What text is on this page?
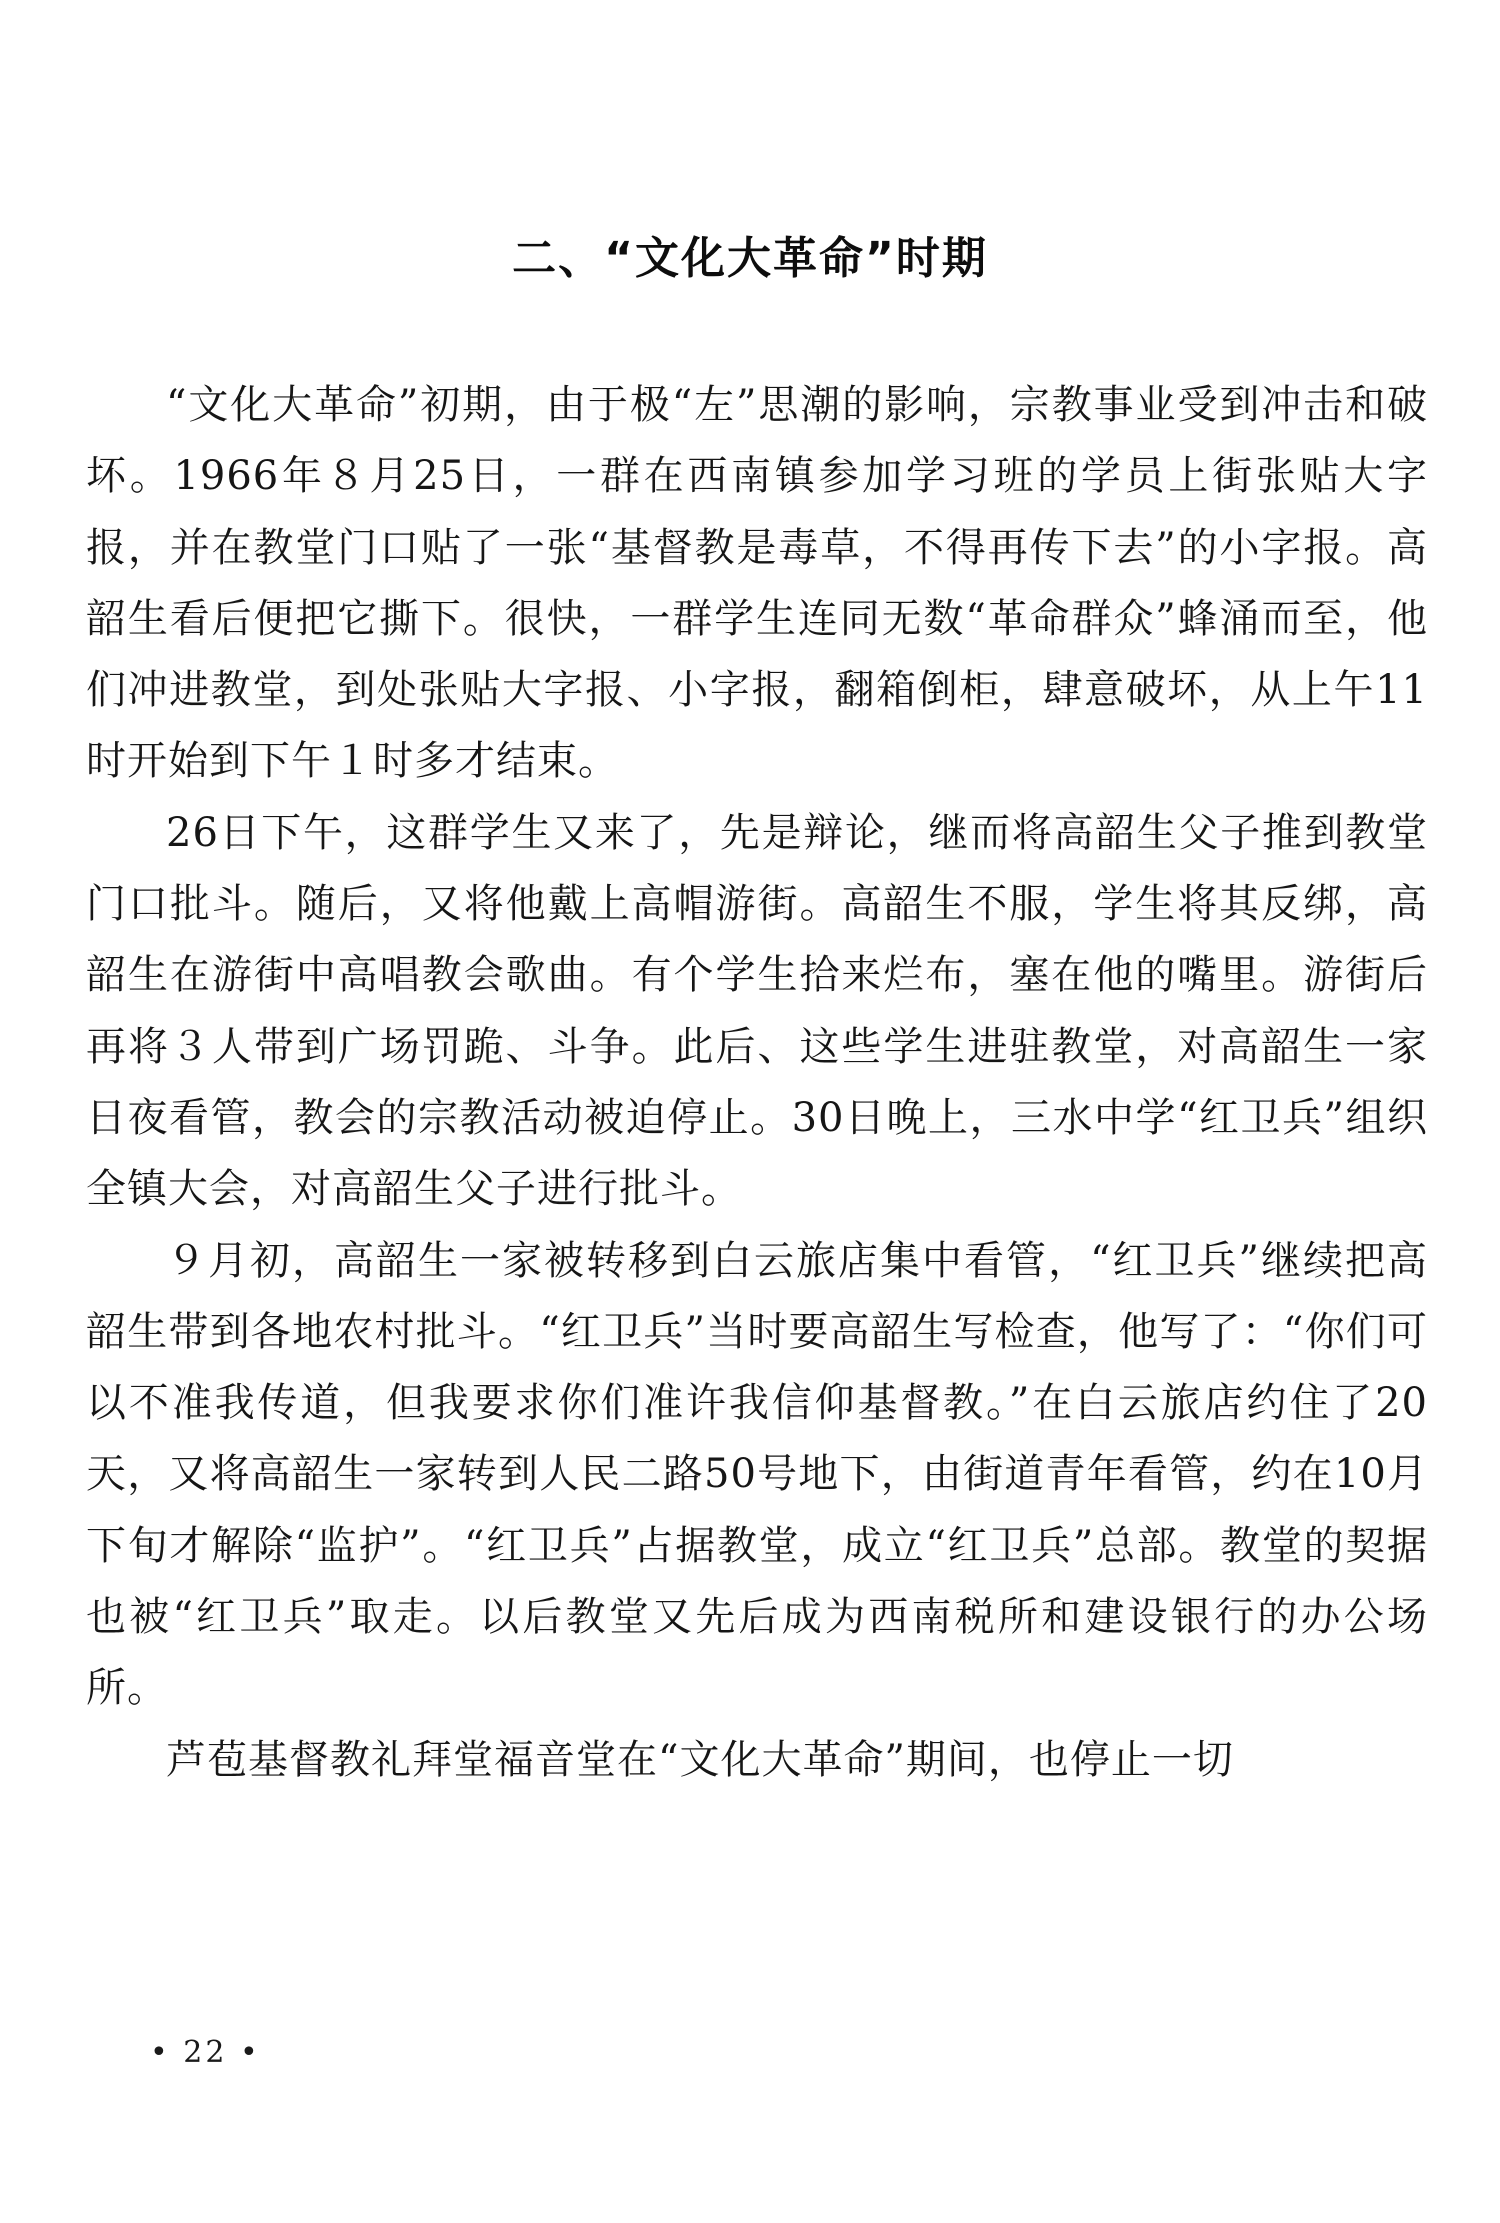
二、“文化大革命”时期

“文化大革命”初期，由于极“左”思潮的影响，宗教事业受到冲击和破坏。1966年８月25日，一群在西南镇参加学习班的学员上街张贴大字报，并在教堂门口贴了一张“基督教是毒草，不得再传下去”的小字报。高韶生看后便把它撕下。很快，一群学生连同无数“革命群众”蜂涌而至，他们冲进教堂，到处张贴大字报、小字报，翻箱倒柜，肆意破坏，从上午11时开始到下午１时多才结束。

26日下午，这群学生又来了，先是辩论，继而将高韶生父子推到教堂门口批斗。随后，又将他戴上高帽游街。高韶生不服，学生将其反绑，高韶生在游街中高唱教会歌曲。有个学生拾来烂布，塞在他的嘴里。游街后再将３人带到广场罚跪、斗争。此后、这些学生进驻教堂，对高韶生一家日夜看管，教会的宗教活动被迫停止。30日晚上，三水中学“红卫兵”组织全镇大会，对高韶生父子进行批斗。

９月初，高韶生一家被转移到白云旅店集中看管，“红卫兵”继续把高韶生带到各地农村批斗。“红卫兵”当时要高韶生写检查，他写了：“你们可以不准我传道，但我要求你们准许我信仰基督教。”在白云旅店约住了20天，又将高韶生一家转到人民二路50号地下，由街道青年看管，约在10月下旬才解除“监护”。“红卫兵”占据教堂，成立“红卫兵”总部。教堂的契据也被“红卫兵”取走。以后教堂又先后成为西南税所和建设银行的办公场所。

芦苞基督教礼拜堂福音堂在“文化大革命”期间，也停止一切

• 22 •
